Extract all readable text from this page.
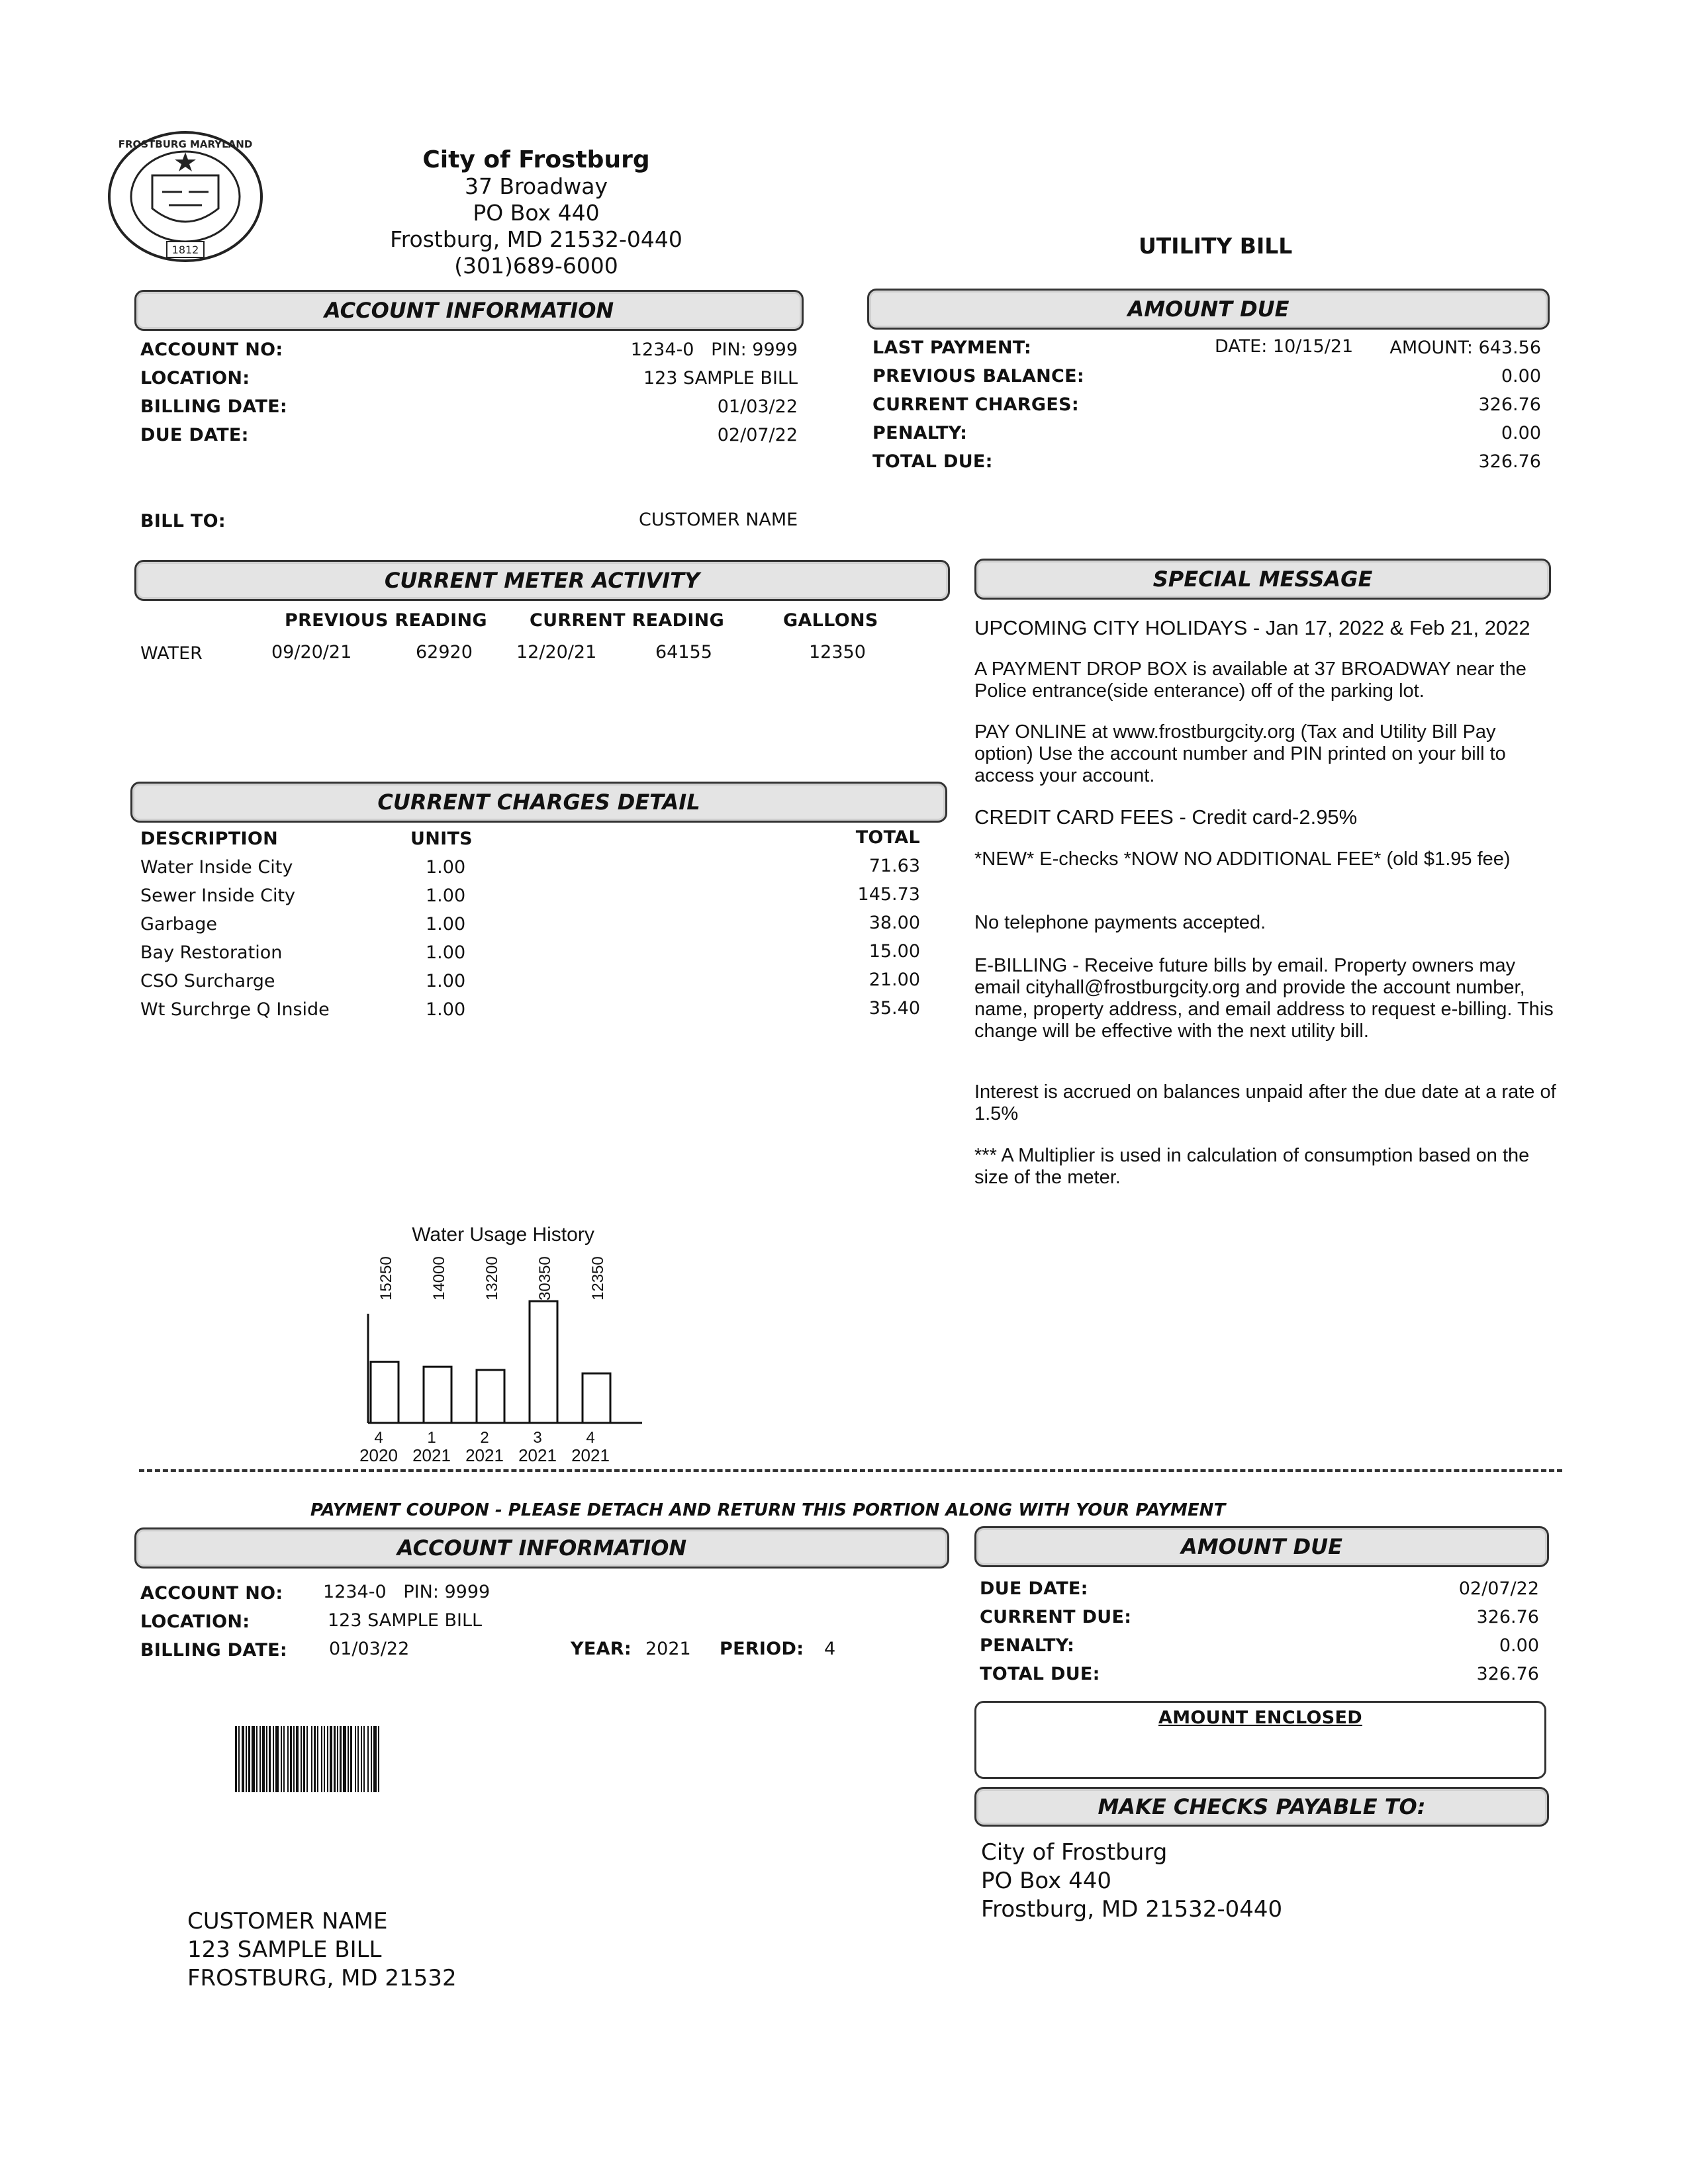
FROSTBURG MARYLAND
1812
City of Frostburg
37 Broadway
PO Box 440
Frostburg, MD 21532-0440
(301)689-6000
UTILITY BILL
ACCOUNT INFORMATION
ACCOUNT NO:	1234-0   PIN: 9999
LOCATION:	123 SAMPLE BILL
BILLING DATE:	01/03/22
DUE DATE:	02/07/22
AMOUNT DUE
LAST PAYMENT:	DATE: 10/15/21	AMOUNT: 643.56
PREVIOUS BALANCE:	0.00
CURRENT CHARGES:	326.76
PENALTY:	0.00
TOTAL DUE:	326.76
BILL TO:	CUSTOMER NAME
CURRENT METER ACTIVITY
PREVIOUS READING CURRENT READING	GALLONS
WATER	09/20/21	62920 12/20/21	64155	12350
SPECIAL MESSAGE
UPCOMING CITY HOLIDAYS - Jan 17, 2022 & Feb 21, 2022
A PAYMENT DROP BOX is available at 37 BROADWAY near the Police entrance(side enterance) off of the parking lot.
PAY ONLINE at www.frostburgcity.org (Tax and Utility Bill Pay option) Use the account number and PIN printed on your bill to access your account.
CREDIT CARD FEES - Credit card-2.95%
*NEW* E-checks *NOW NO ADDITIONAL FEE* (old $1.95 fee)
No telephone payments accepted.
E-BILLING - Receive future bills by email. Property owners may email cityhall@frostburgcity.org and provide the account number, name, property address, and email address to request e-billing. This change will be effective with the next utility bill.
Interest is accrued on balances unpaid after the due date at a rate of 1.5%
*** A Multiplier is used in calculation of consumption based on the size of the meter.
CURRENT CHARGES DETAIL
DESCRIPTION	UNITS	TOTAL
Water Inside City	1.00	71.63
Sewer Inside City	1.00	145.73
Garbage	1.00	38.00
Bay Restoration	1.00	15.00
CSO Surcharge	1.00	21.00
Wt Surchrge Q Inside	1.00	35.40
Water Usage History
15250
4
2020
14000
1
2021
13200
2
2021
30350
3
2021
12350
4
2021
PAYMENT COUPON - PLEASE DETACH AND RETURN THIS PORTION ALONG WITH YOUR PAYMENT
ACCOUNT INFORMATION
ACCOUNT NO: 1234-0   PIN: 9999
LOCATION:	123 SAMPLE BILL
BILLING DATE: 01/03/22	YEAR: 2021 PERIOD: 4
CUSTOMER NAME
123 SAMPLE BILL
FROSTBURG, MD 21532
AMOUNT DUE
DUE DATE:	02/07/22
CURRENT DUE:	326.76
PENALTY:	0.00
TOTAL DUE:	326.76
AMOUNT ENCLOSED
MAKE CHECKS PAYABLE TO:
City of Frostburg
PO Box 440
Frostburg, MD 21532-0440
